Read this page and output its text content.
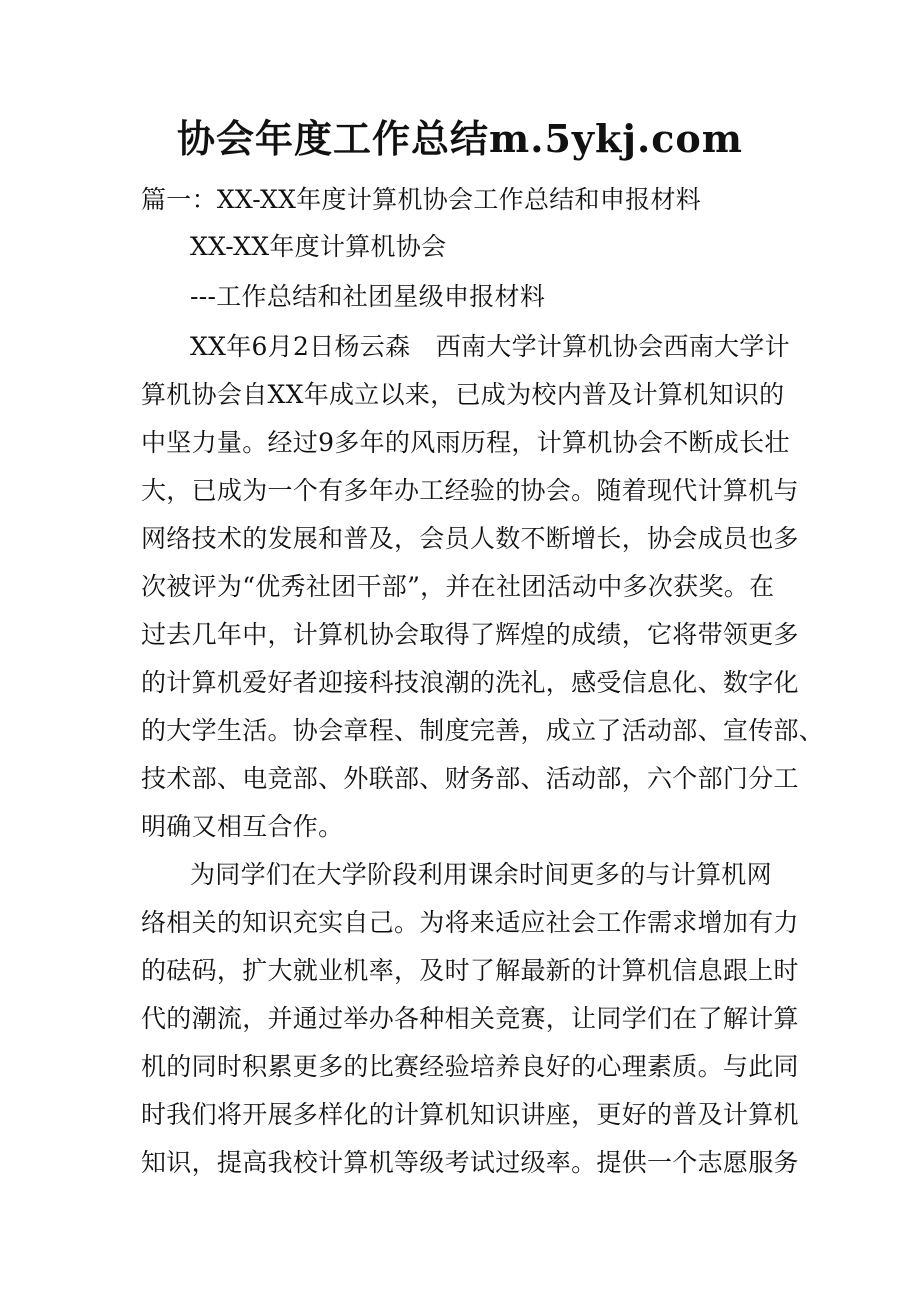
协会年度工作总结m.5ykj.com
篇一：XX-XX年度计算机协会工作总结和申报材料
XX-XX年度计算机协会
---工作总结和社团星级申报材料
XX年6月2日杨云森　西南大学计算机协会西南大学计
算机协会自XX年成立以来，已成为校内普及计算机知识的
中坚力量。经过9多年的风雨历程，计算机协会不断成长壮
大，已成为一个有多年办工经验的协会。随着现代计算机与
网络技术的发展和普及，会员人数不断增长，协会成员也多
次被评为“优秀社团干部”，并在社团活动中多次获奖。在
过去几年中，计算机协会取得了辉煌的成绩，它将带领更多
的计算机爱好者迎接科技浪潮的洗礼，感受信息化、数字化
的大学生活。协会章程、制度完善，成立了活动部、宣传部、
技术部、电竞部、外联部、财务部、活动部，六个部门分工
明确又相互合作。
为同学们在大学阶段利用课余时间更多的与计算机网
络相关的知识充实自己。为将来适应社会工作需求增加有力
的砝码，扩大就业机率，及时了解最新的计算机信息跟上时
代的潮流，并通过举办各种相关竞赛，让同学们在了解计算
机的同时积累更多的比赛经验培养良好的心理素质。与此同
时我们将开展多样化的计算机知识讲座，更好的普及计算机
知识，提高我校计算机等级考试过级率。提供一个志愿服务
